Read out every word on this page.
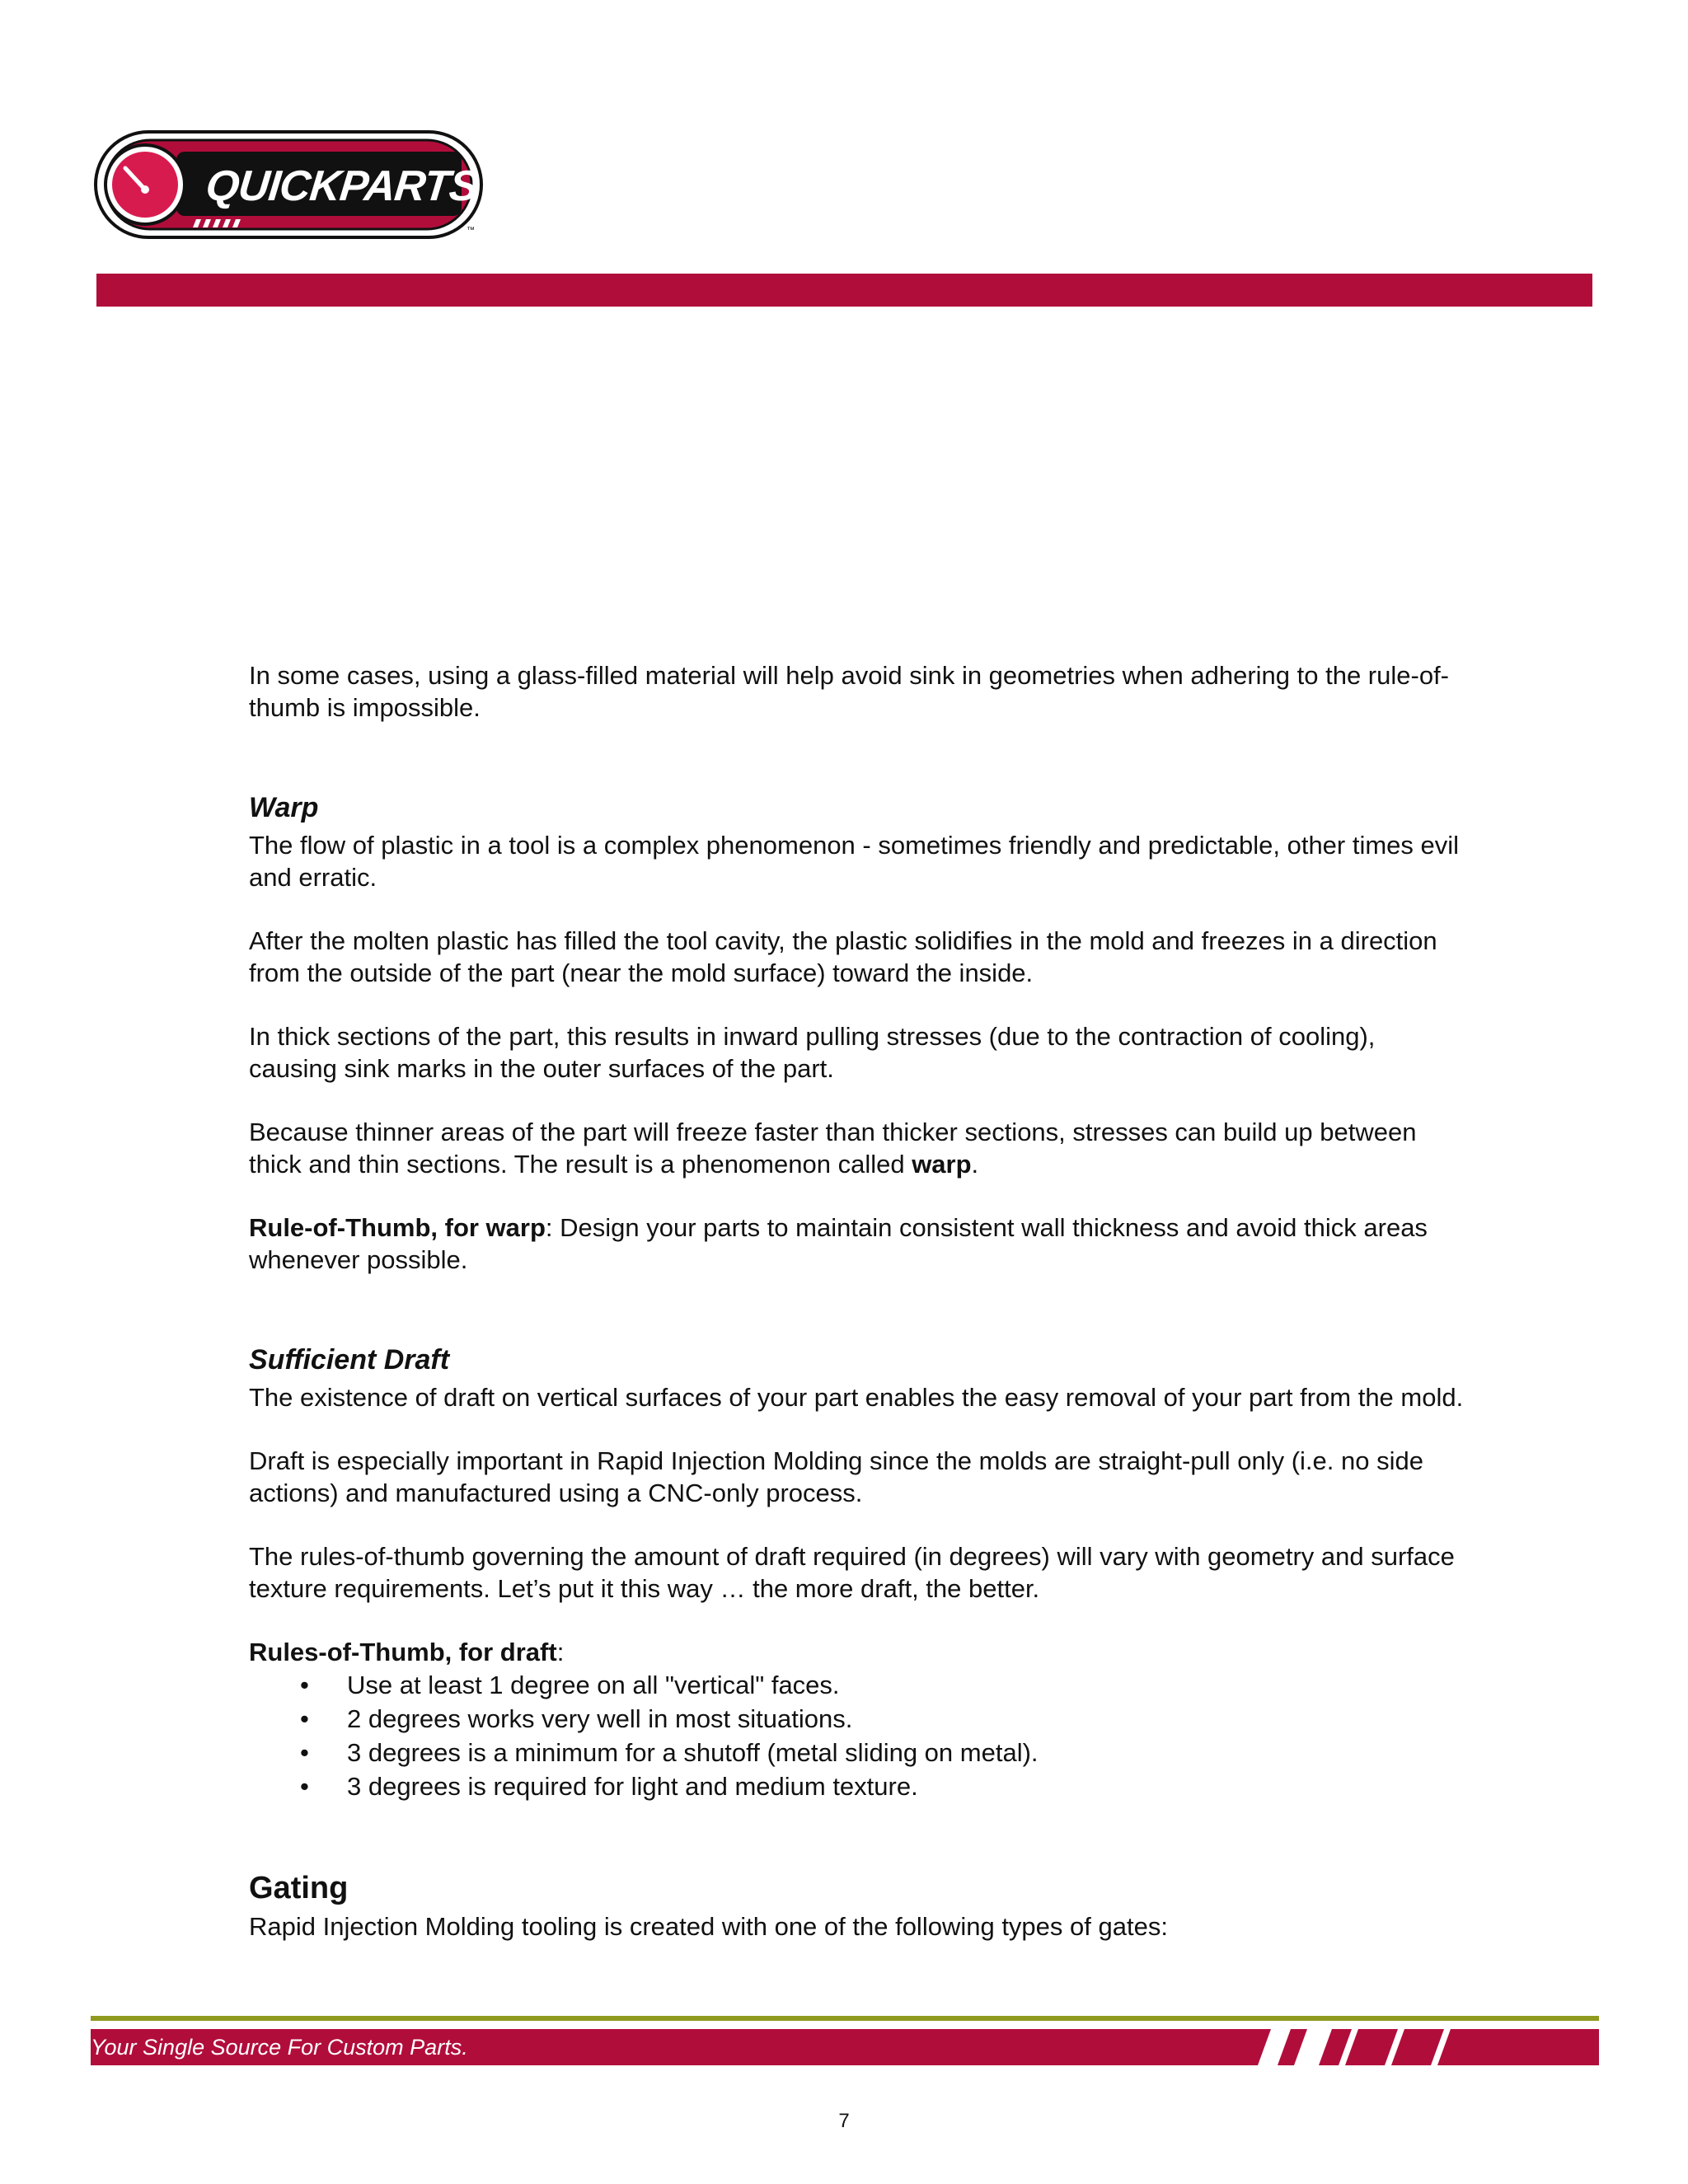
QUICKPARTS
™

In some cases, using a glass-filled material will help avoid sink in geometries when adhering to the rule-of-thumb is impossible.

Warp

The flow of plastic in a tool is a complex phenomenon - sometimes friendly and predictable, other times evil and erratic.

After the molten plastic has filled the tool cavity, the plastic solidifies in the mold and freezes in a direction from the outside of the part (near the mold surface) toward the inside.

In thick sections of the part, this results in inward pulling stresses (due to the contraction of cooling), causing sink marks in the outer surfaces of the part.

Because thinner areas of the part will freeze faster than thicker sections, stresses can build up between thick and thin sections. The result is a phenomenon called warp.

Rule-of-Thumb, for warp: Design your parts to maintain consistent wall thickness and avoid thick areas whenever possible.

Sufficient Draft

The existence of draft on vertical surfaces of your part enables the easy removal of your part from the mold.

Draft is especially important in Rapid Injection Molding since the molds are straight-pull only (i.e. no side actions) and manufactured using a CNC-only process.

The rules-of-thumb governing the amount of draft required (in degrees) will vary with geometry and surface texture requirements. Let’s put it this way … the more draft, the better.

Rules-of-Thumb, for draft:

• Use at least 1 degree on all "vertical" faces.
• 2 degrees works very well in most situations.
• 3 degrees is a minimum for a shutoff (metal sliding on metal).
• 3 degrees is required for light and medium texture.
Gating

Rapid Injection Molding tooling is created with one of the following types of gates:

Your Single Source For Custom Parts.
7
